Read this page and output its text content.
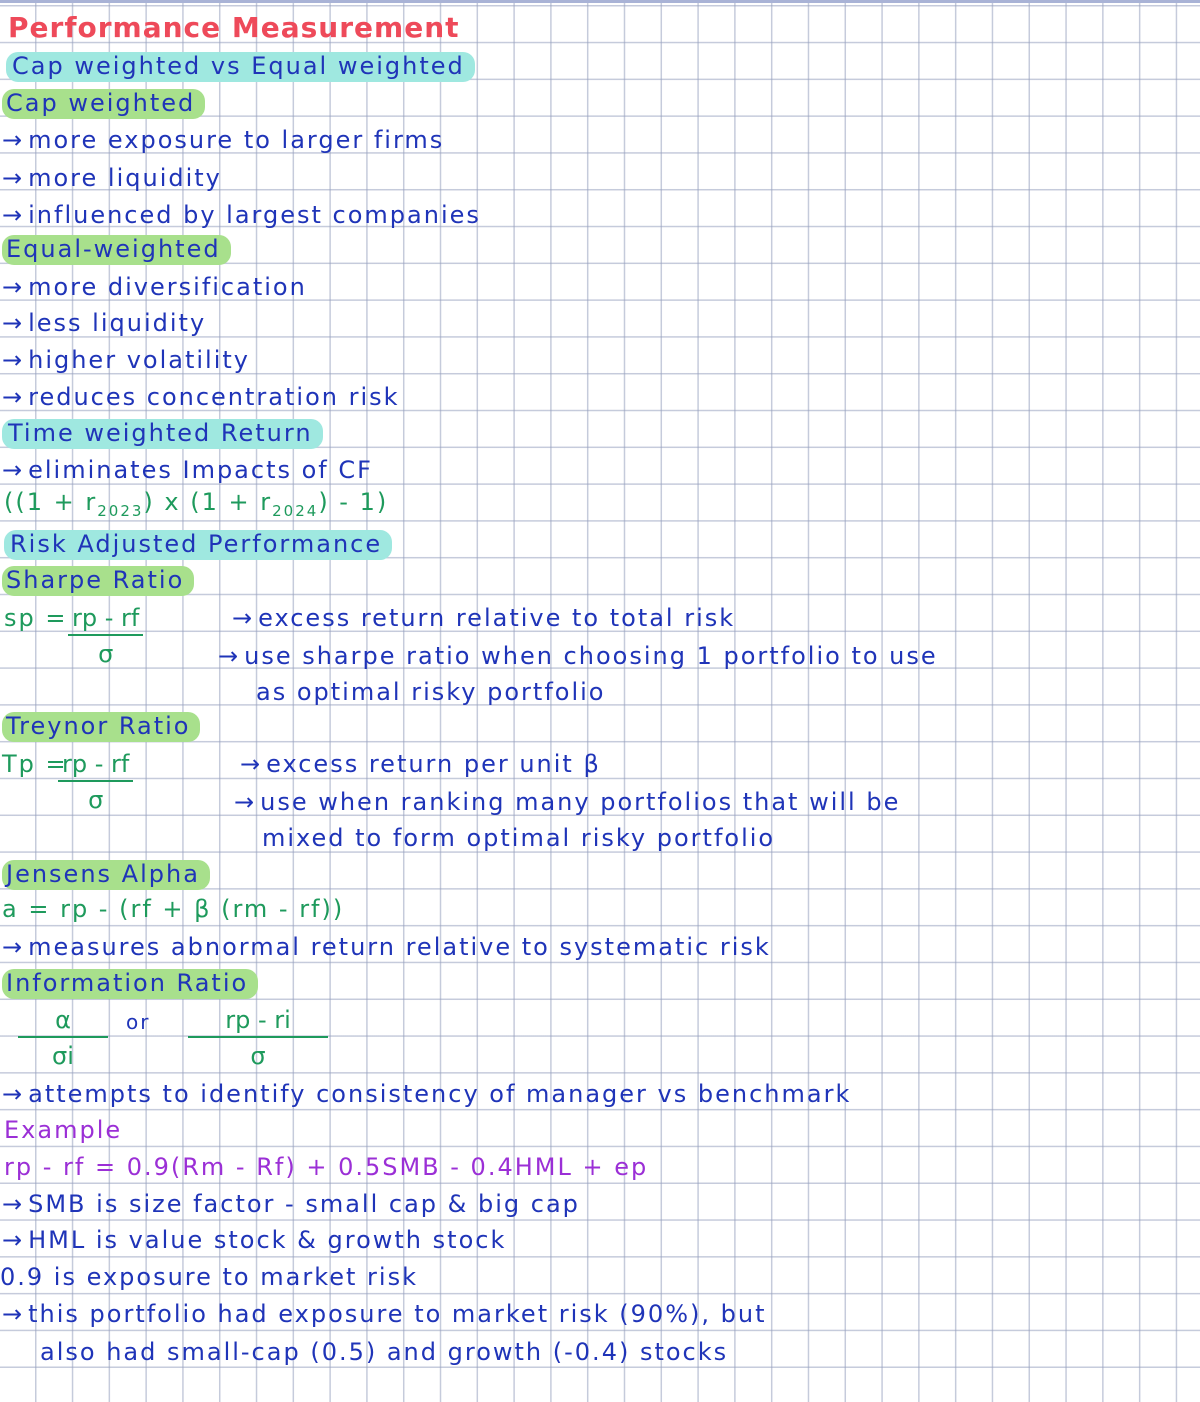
Performance Measurement
Cap weighted vs Equal weighted
Cap weighted
→ more exposure to larger firms
→ more liquidity
→ influenced by largest companies
Equal-weighted
→ more diversification
→ less liquidity
→ higher volatility
→ reduces concentration risk
Time weighted Return
→ eliminates Impacts of CF
($(1 + r_{2023})$ x $(1 + r_{2024}) - 1$)
Risk Adjusted Performance
Sharpe Ratio
sp = $\frac{rp - rf}{\sigma}$	→ excess return relative to total risk
→ use sharpe ratio when choosing 1 portfolio to use
as optimal risky portfolio
Treynor Ratio
Tp =
$\frac{rp - rf}{\sigma}$	→ excess return per unit β
→ use when ranking many portfolios that will be
mixed to form optimal risky portfolio
Jensens Alpha
a = rp - (rf + β (rm - rf))
→ measures abnormal return relative to systematic risk
Information Ratio
$\frac{\alpha}{\sigma i}$ or $\frac{rp - ri}{\sigma}$
→ attempts to identify consistency of manager vs benchmark
Example
rp - rf = 0.9(Rm - Rf) + 0.5SMB - 0.4HML + ep
→ SMB is size factor - small cap & big cap
→ HML is value stock & growth stock
0.9 is exposure to market risk
→ this portfolio had exposure to market risk (90%), but
also had small-cap (0.5) and growth (-0.4) stocks
